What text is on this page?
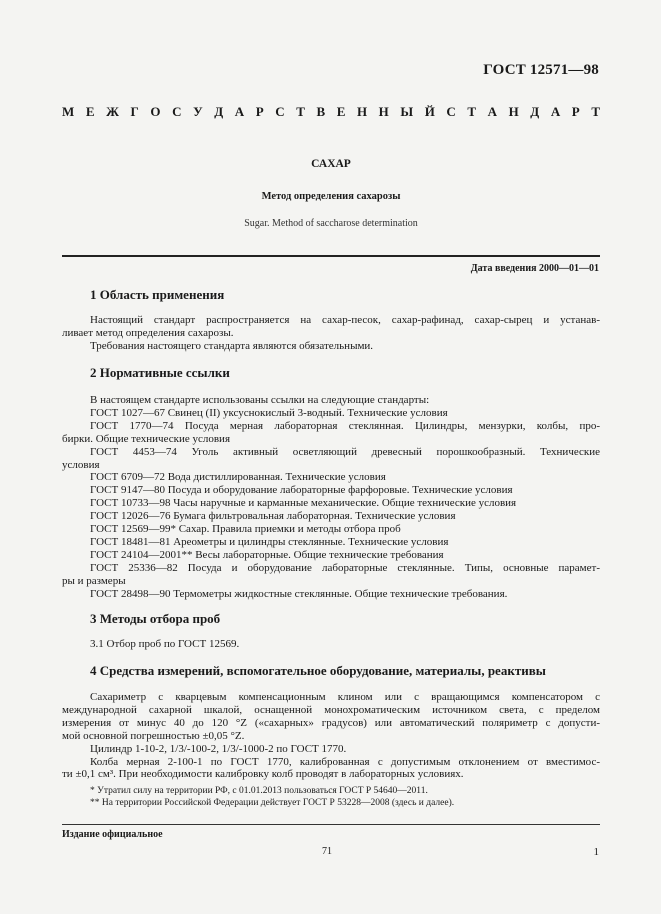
ГОСТ 12571—98
М Е Ж Г О С У Д А Р С Т В Е Н Н Ы Й С Т А Н Д А Р Т
САХАР
Метод определения сахарозы
Sugar. Method of saccharose determination
Дата введения 2000—01—01
1 Область применения
Настоящий стандарт распространяется на сахар-песок, сахар-рафинад, сахар-сырец и устанав-
ливает метод определения сахарозы.
Требования настоящего стандарта являются обязательными.
2 Нормативные ссылки
В настоящем стандарте использованы ссылки на следующие стандарты:
ГОСТ 1027—67 Свинец (II) уксуснокислый 3-водный. Технические условия
ГОСТ 1770—74 Посуда мерная лабораторная стеклянная. Цилиндры, мензурки, колбы, про-
бирки. Общие технические условия
ГОСТ 4453—74 Уголь активный осветляющий древесный порошкообразный. Технические
условия
ГОСТ 6709—72 Вода дистиллированная. Технические условия
ГОСТ 9147—80 Посуда и оборудование лабораторные фарфоровые. Технические условия
ГОСТ 10733—98 Часы наручные и карманные механические. Общие технические условия
ГОСТ 12026—76 Бумага фильтровальная лабораторная. Технические условия
ГОСТ 12569—99* Сахар. Правила приемки и методы отбора проб
ГОСТ 18481—81 Ареометры и цилиндры стеклянные. Технические условия
ГОСТ 24104—2001** Весы лабораторные. Общие технические требования
ГОСТ 25336—82 Посуда и оборудование лабораторные стеклянные. Типы, основные парамет-
ры и размеры
ГОСТ 28498—90 Термометры жидкостные стеклянные. Общие технические требования.
3 Методы отбора проб
3.1 Отбор проб по ГОСТ 12569.
4 Средства измерений, вспомогательное оборудование, материалы, реактивы
Сахариметр с кварцевым компенсационным клином или с вращающимся компенсатором с
международной сахарной шкалой, оснащенной монохроматическим источником света, с пределом
измерения от минус 40 до 120 °Z («сахарных» градусов) или автоматический поляриметр с допусти-
мой основной погрешностью ±0,05 °Z.
Цилиндр 1-10-2, 1/3/-100-2, 1/3/-1000-2 по ГОСТ 1770.
Колба мерная 2-100-1 по ГОСТ 1770, калиброванная с допустимым отклонением от вместимос-
ти ±0,1 см³. При необходимости калибровку колб проводят в лабораторных условиях.
* Утратил силу на территории РФ, с 01.01.2013 пользоваться ГОСТ Р 54640—2011.
** На территории Российской Федерации действует ГОСТ Р 53228—2008 (здесь и далее).
Издание официальное
71	1
